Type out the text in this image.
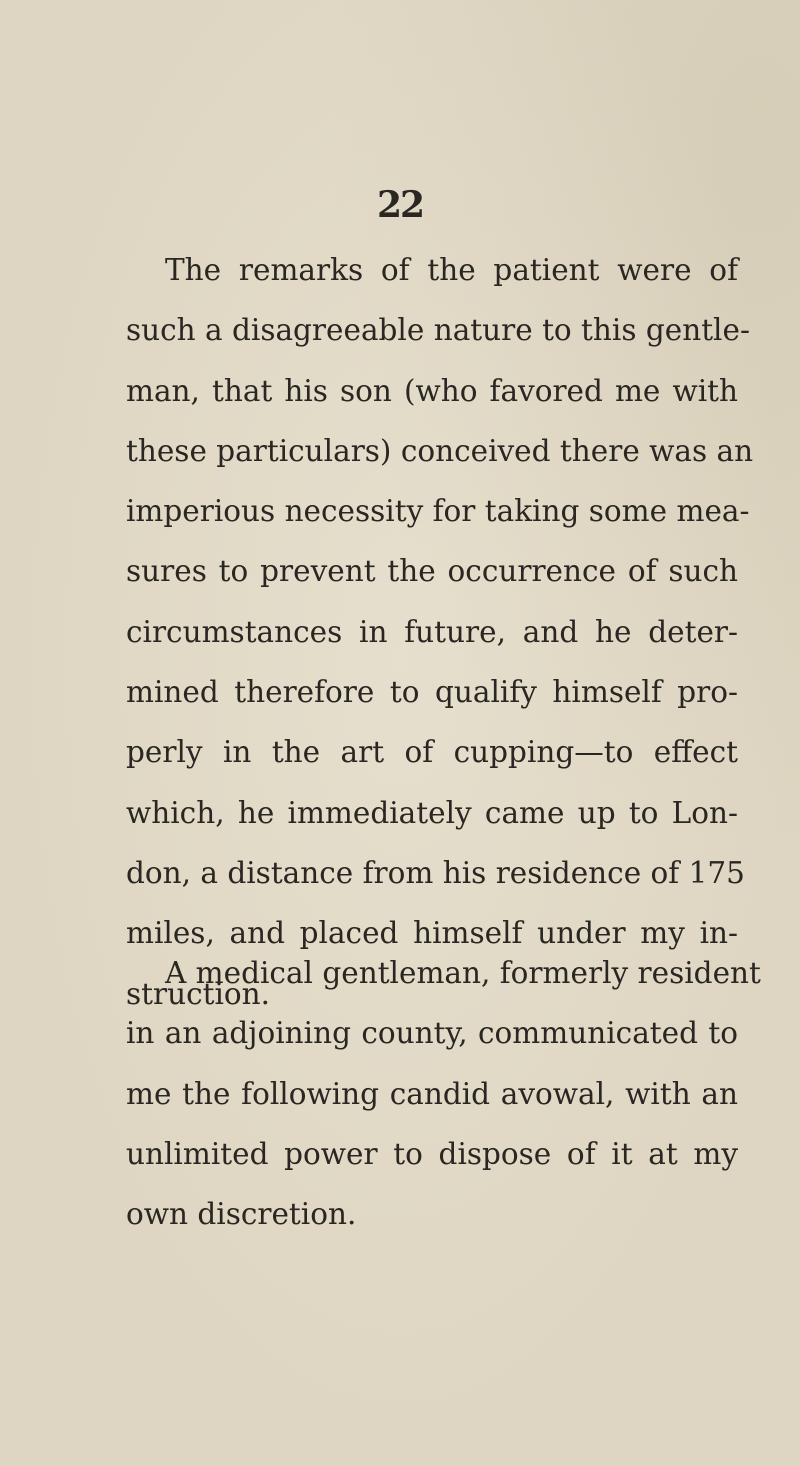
22

The remarks of the patient were of
such a disagreeable nature to this gentle-
man, that his son (who favored me with
these particulars) conceived there was an
imperious necessity for taking some mea-
sures to prevent the occurrence of such
circumstances in future, and he deter-
mined therefore to qualify himself pro-
perly in the art of cupping—to effect
which, he immediately came up to Lon-
don, a distance from his residence of 175
miles, and placed himself under my in-
struction.
A medical gentleman, formerly resident
in an adjoining county, communicated to
me the following candid avowal, with an
unlimited power to dispose of it at my
own discretion.
